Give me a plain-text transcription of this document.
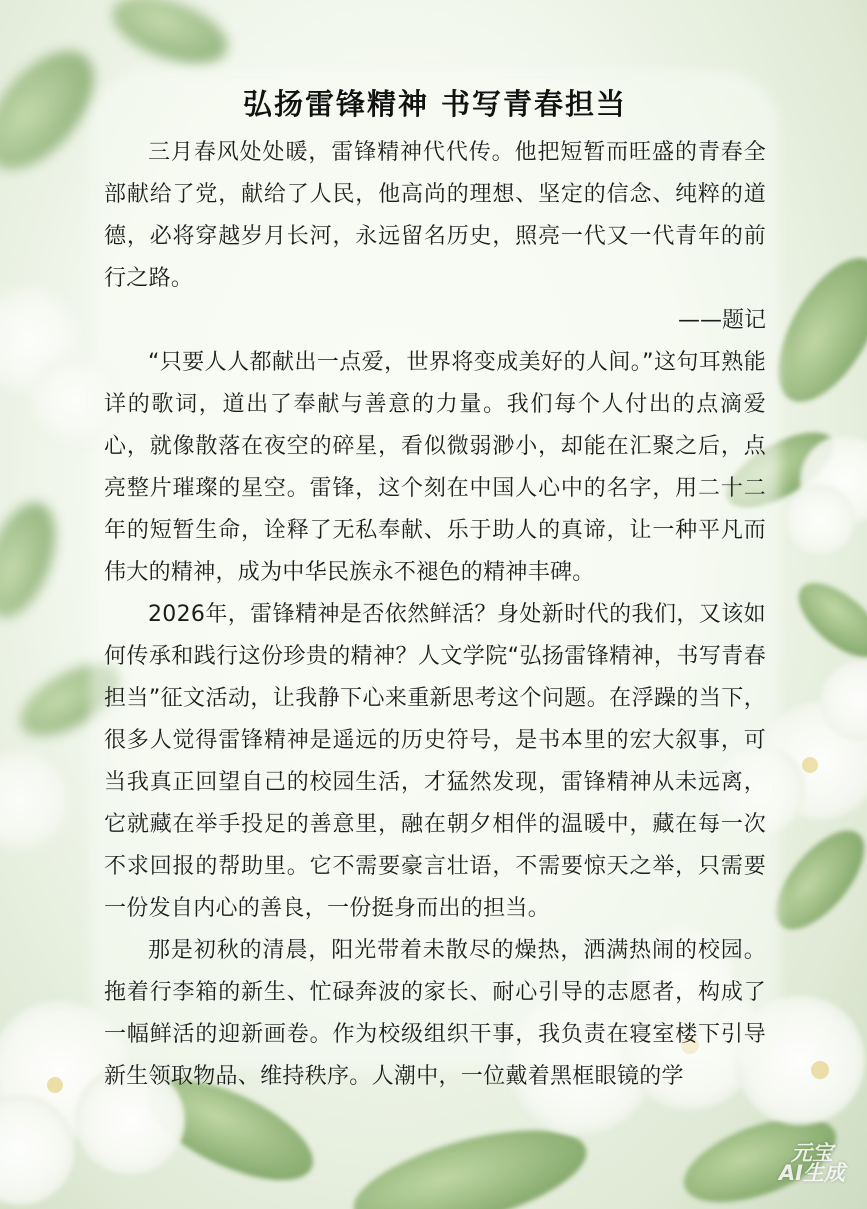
弘扬雷锋精神 书写青春担当

三月春风处处暖，雷锋精神代代传。他把短暂而旺盛的青春全部献给了党，献给了人民，他高尚的理想、坚定的信念、纯粹的道德，必将穿越岁月长河，永远留名历史，照亮一代又一代青年的前行之路。

——题记

“只要人人都献出一点爱，世界将变成美好的人间。”这句耳熟能详的歌词，道出了奉献与善意的力量。我们每个人付出的点滴爱心，就像散落在夜空的碎星，看似微弱渺小，却能在汇聚之后，点亮整片璀璨的星空。雷锋，这个刻在中国人心中的名字，用二十二年的短暂生命，诠释了无私奉献、乐于助人的真谛，让一种平凡而伟大的精神，成为中华民族永不褪色的精神丰碑。

2026年，雷锋精神是否依然鲜活？身处新时代的我们，又该如何传承和践行这份珍贵的精神？人文学院“弘扬雷锋精神，书写青春担当”征文活动，让我静下心来重新思考这个问题。在浮躁的当下，很多人觉得雷锋精神是遥远的历史符号，是书本里的宏大叙事，可当我真正回望自己的校园生活，才猛然发现，雷锋精神从未远离，它就藏在举手投足的善意里，融在朝夕相伴的温暖中，藏在每一次不求回报的帮助里。它不需要豪言壮语，不需要惊天之举，只需要一份发自内心的善良，一份挺身而出的担当。

那是初秋的清晨，阳光带着未散尽的燥热，洒满热闹的校园。拖着行李箱的新生、忙碌奔波的家长、耐心引导的志愿者，构成了一幅鲜活的迎新画卷。作为校级组织干事，我负责在寝室楼下引导新生领取物品、维持秩序。人潮中，一位戴着黑框眼镜的学

元宝
AI生成
